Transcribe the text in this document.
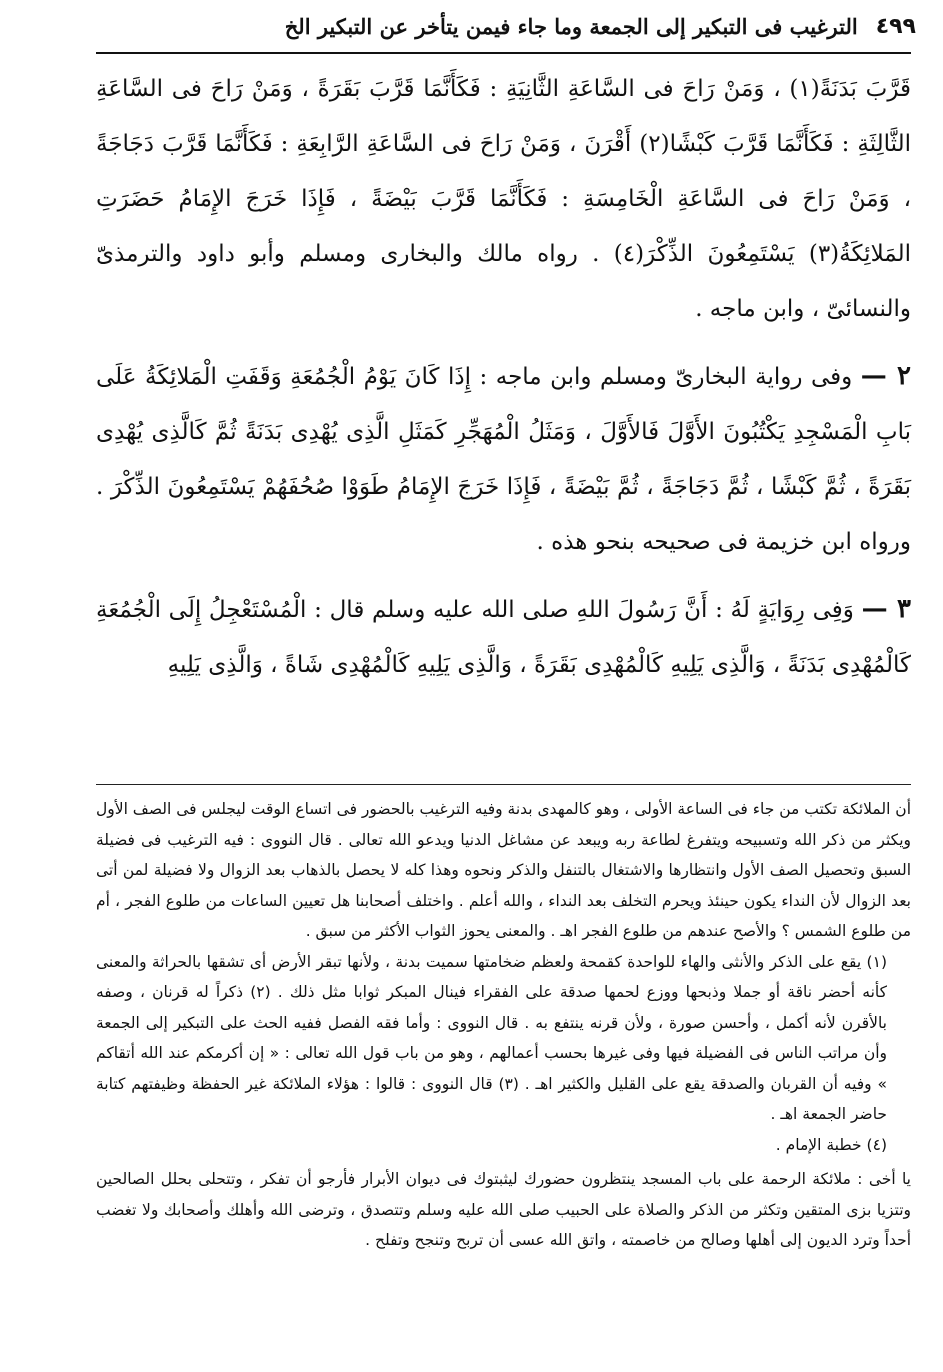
٤٩٩
الترغيب فى التبكير إلى الجمعة وما جاء فيمن يتأخر عن التبكير الخ

قَرَّبَ بَدَنَةً(١) ، وَمَنْ رَاحَ فى السَّاعَةِ الثَّانِيَةِ : فَكَأَنَّمَا قَرَّبَ بَقَرَةً ، وَمَنْ رَاحَ فى السَّاعَةِ الثَّالِثَةِ : فَكَأَنَّمَا قَرَّبَ كَبْشًا(٢) أَقْرَنَ ، وَمَنْ رَاحَ فى السَّاعَةِ الرَّابِعَةِ : فَكَأَنَّمَا قَرَّبَ دَجَاجَةً ، وَمَنْ رَاحَ فى السَّاعَةِ الْخَامِسَةِ : فَكَأَنَّمَا قَرَّبَ بَيْضَةً ، فَإِذَا خَرَجَ الإِمَامُ حَضَرَتِ المَلائِكَةُ(٣) يَسْتَمِعُونَ الذِّكْرَ(٤) . رواه مالك والبخارى ومسلم وأبو داود والترمذىّ والنسائىّ ، وابن ماجه .

٢ — وفى رواية البخارىّ ومسلم وابن ماجه : إِذَا كَانَ يَوْمُ الْجُمُعَةِ وَقَفَتِ الْمَلائِكَةُ عَلَى بَابِ الْمَسْجِدِ يَكْتُبُونَ الأَوَّلَ فَالأَوَّلَ ، وَمَثَلُ الْمُهَجِّرِ كَمَثَلِ الَّذِى يُهْدِى بَدَنَةً ثُمَّ كَالَّذِى يُهْدِى بَقَرَةً ، ثُمَّ كَبْشًا ، ثُمَّ دَجَاجَةً ، ثُمَّ بَيْضَةً ، فَإِذَا خَرَجَ الإِمَامُ طَوَوْا صُحُفَهُمْ يَسْتَمِعُونَ الذِّكْرَ . ورواه ابن خزيمة فى صحيحه بنحو هذه .

٣ — وَفِى رِوَايَةٍ لَهُ : أَنَّ رَسُولَ اللهِ صلى الله عليه وسلم قال : الْمُسْتَعْجِلُ إِلَى الْجُمُعَةِ كَالْمُهْدِى بَدَنَةً ، وَالَّذِى يَلِيهِ كَالْمُهْدِى بَقَرَةً ، وَالَّذِى يَلِيهِ كَالْمُهْدِى شَاةً ، وَالَّذِى يَلِيهِ

أن الملائكة تكتب من جاء فى الساعة الأولى ، وهو كالمهدى بدنة وفيه الترغيب بالحضور فى اتساع الوقت ليجلس فى الصف الأول ويكثر من ذكر الله وتسبيحه ويتفرغ لطاعة ربه ويبعد عن مشاغل الدنيا ويدعو الله تعالى . قال النووى : فيه الترغيب فى فضيلة السبق وتحصيل الصف الأول وانتظارها والاشتغال بالتنفل والذكر ونحوه وهذا كله لا يحصل بالذهاب بعد الزوال ولا فضيلة لمن أتى بعد الزوال لأن النداء يكون حينئذ ويحرم التخلف بعد النداء ، والله أعلم . واختلف أصحابنا هل تعيين الساعات من طلوع الفجر ، أم من طلوع الشمس ؟ والأصح عندهم من طلوع الفجر اهـ . والمعنى يحوز الثواب الأكثر من سبق .

(١) يقع على الذكر والأنثى والهاء للواحدة كقمحة ولعظم ضخامتها سميت بدنة ، ولأنها تبقر الأرض أى تشقها بالحراثة والمعنى كأنه أحضر ناقة أو جملا وذبحها ووزع لحمها صدقة على الفقراء فينال المبكر ثوابا مثل ذلك . (٢) ذكراً له قرنان ، وصفه بالأقرن لأنه أكمل ، وأحسن صورة ، ولأن قرنه ينتفع به . قال النووى : وأما فقه الفصل ففيه الحث على التبكير إلى الجمعة وأن مراتب الناس فى الفضيلة فيها وفى غيرها بحسب أعمالهم ، وهو من باب قول الله تعالى : « إن أكرمكم عند الله أتقاكم » وفيه أن القربان والصدقة يقع على القليل والكثير اهـ . (٣) قال النووى : قالوا : هؤلاء الملائكة غير الحفظة وظيفتهم كتابة حاضر الجمعة اهـ .

(٤) خطبة الإمام .

يا أخى : ملائكة الرحمة على باب المسجد ينتظرون حضورك ليثبتوك فى ديوان الأبرار فأرجو أن تفكر ، وتتحلى بحلل الصالحين وتتزيا بزى المتقين وتكثر من الذكر والصلاة على الحبيب صلى الله عليه وسلم وتتصدق ، وترضى الله وأهلك وأصحابك ولا تغضب أحداً وترد الديون إلى أهلها وصالح من خاصمته ، واتق الله عسى أن تربح وتنجح وتفلح .
